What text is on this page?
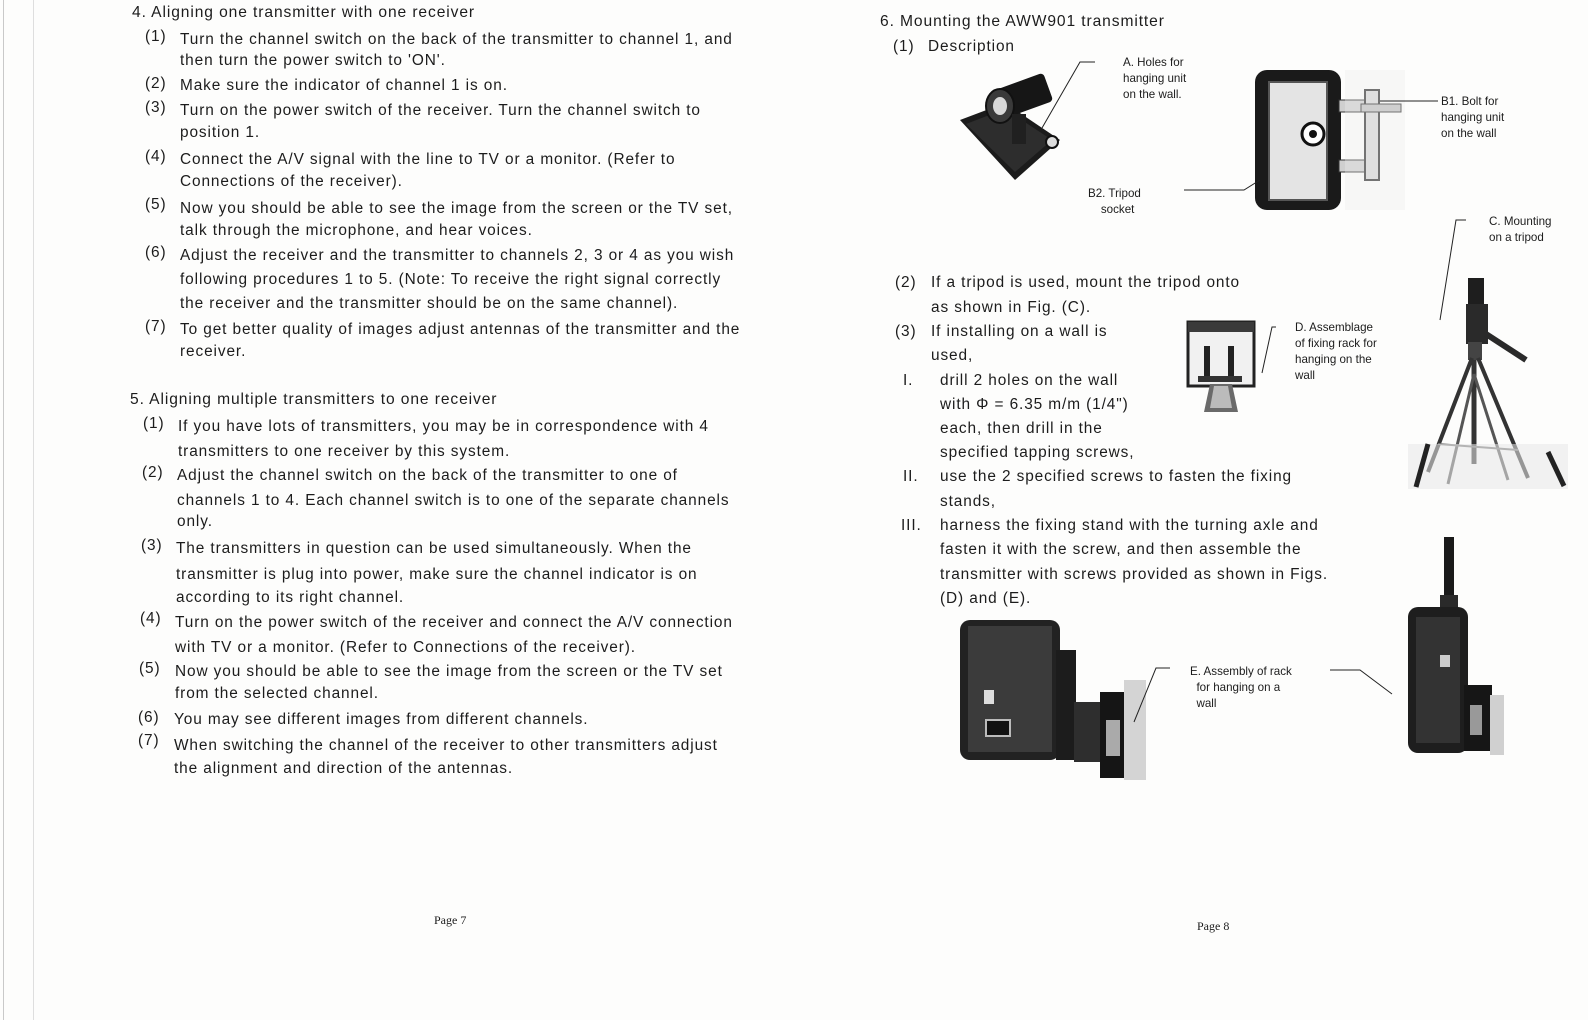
4. Aligning one transmitter with one receiver
(1) Turn the channel switch on the back of the transmitter to channel 1, and
then turn the power switch to 'ON'.
(2) Make sure the indicator of channel 1 is on.
(3) Turn on the power switch of the receiver. Turn the channel switch to
position 1.
(4) Connect the A/V signal with the line to TV or a monitor. (Refer to
Connections of the receiver).
(5) Now you should be able to see the image from the screen or the TV set,
talk through the microphone, and hear voices.
(6) Adjust the receiver and the transmitter to channels 2, 3 or 4 as you wish
following procedures 1 to 5. (Note: To receive the right signal correctly
the receiver and the transmitter should be on the same channel).
(7) To get better quality of images adjust antennas of the transmitter and the
receiver.
5. Aligning multiple transmitters to one receiver
(1) If you have lots of transmitters, you may be in correspondence with 4
transmitters to one receiver by this system.
(2) Adjust the channel switch on the back of the transmitter to one of
channels 1 to 4. Each channel switch is to one of the separate channels
only.
(3) The transmitters in question can be used simultaneously. When the
transmitter is plug into power, make sure the channel indicator is on
according to its right channel.
(4) Turn on the power switch of the receiver and connect the A/V connection
with TV or a monitor. (Refer to Connections of the receiver).
(5) Now you should be able to see the image from the screen or the TV set
from the selected channel.
(6) You may see different images from different channels.
(7) When switching the channel of the receiver to other transmitters adjust
the alignment and direction of the antennas.
Page 7
6. Mounting the AWW901 transmitter
(1) Description
(2) If a tripod is used, mount the tripod onto
as shown in Fig. (C).
(3) If installing on a wall is
used,
I. drill 2 holes on the wall
with Φ = 6.35 m/m (1/4")
each, then drill in the
specified tapping screws,
II. use the 2 specified screws to fasten the fixing
stands,
III. harness the fixing stand with the turning axle and
fasten it with the screw, and then assemble the
transmitter with screws provided as shown in Figs.
(D) and (E).
A. Holes for
hanging unit
on the wall.
B1. Bolt for
hanging unit
on the wall
B2. Tripod
socket
C. Mounting
on a tripod
D. Assemblage
of fixing rack for
hanging on the
wall
E. Assembly of rack
for hanging on a
wall
Page 8
